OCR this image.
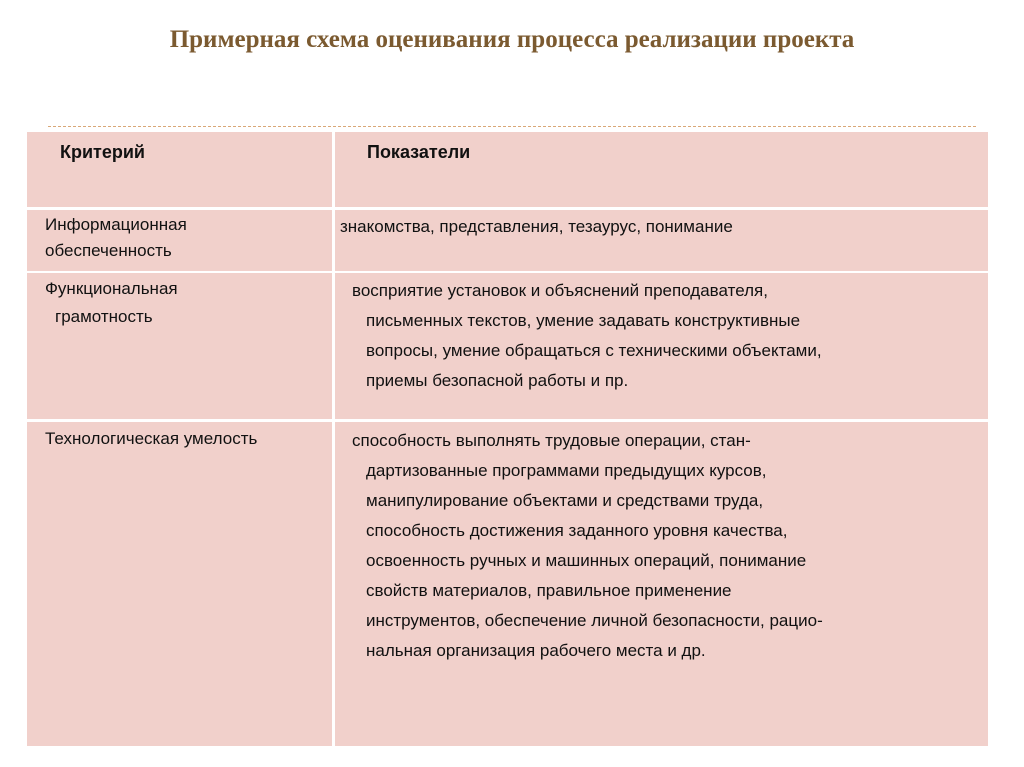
Примерная схема оценивания процесса реализации проекта
Критерий	Показатели
Информационная
обеспеченность
знакомства, представления, тезаурус, понимание
Функциональная
грамотность
восприятие установок и объяснений преподавателя,
письменных текстов, умение задавать конструктивные
вопросы, умение обращаться с техническими объектами,
приемы безопасной работы и пр.
Технологическая умелость	способность выполнять трудовые операции, стан-
дартизованные программами предыдущих курсов,
манипулирование объектами и средствами труда,
способность достижения заданного уровня качества,
освоенность ручных и машинных операций, понимание
свойств материалов, правильное применение
инструментов, обеспечение личной безопасности, рацио-
нальная организация рабочего места и др.
